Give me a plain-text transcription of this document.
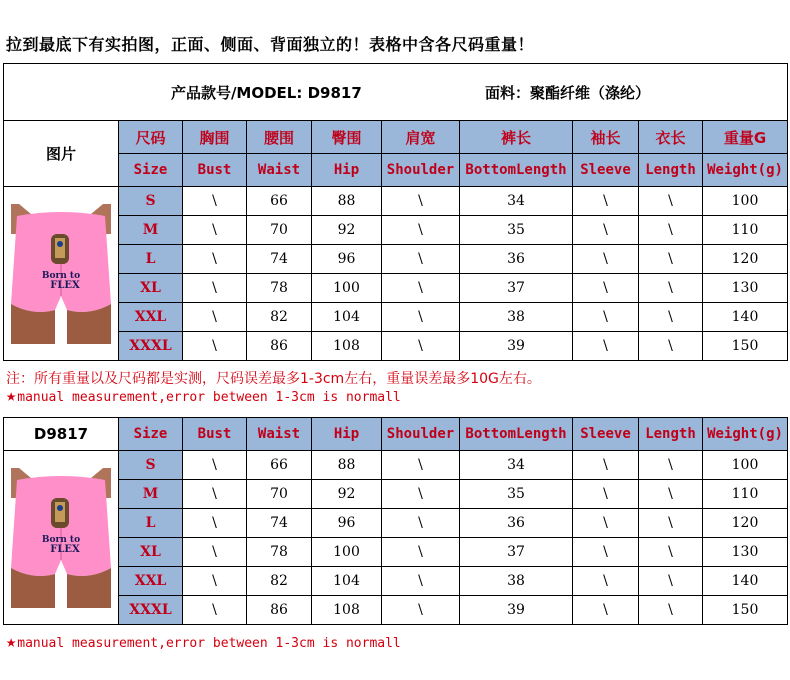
拉到最底下有实拍图，正面、侧面、背面独立的！表格中含各尺码重量！
产品款号/MODEL: D9817 面料：聚酯纤维（涤纶）									
图片	尺码	胸围	腰围	臀围	肩宽	裤长	袖长	衣长	重量G
	Size	Bust	Waist	Hip	Shoulder	BottomLength	Sleeve	Length	Weight(g)

Born to
FLEX	S	\	66	88	\	34	\	\	100
	M	\	70	92	\	35	\	\	110
	L	\	74	96	\	36	\	\	120
	XL	\	78	100	\	37	\	\	130
	XXL	\	82	104	\	38	\	\	140
	XXXL	\	86	108	\	39	\	\	150
注：所有重量以及尺码都是实测，尺码误差最多1-3cm左右，重量误差最多10G左右。
★manual measurement,error between 1-3cm is normall
D9817	Size	Bust	Waist	Hip	Shoulder	BottomLength	Sleeve	Length	Weight(g)

Born to
FLEX	S	\	66	88	\	34	\	\	100
	M	\	70	92	\	35	\	\	110
	L	\	74	96	\	36	\	\	120
	XL	\	78	100	\	37	\	\	130
	XXL	\	82	104	\	38	\	\	140
	XXXL	\	86	108	\	39	\	\	150
★manual measurement,error between 1-3cm is normall
